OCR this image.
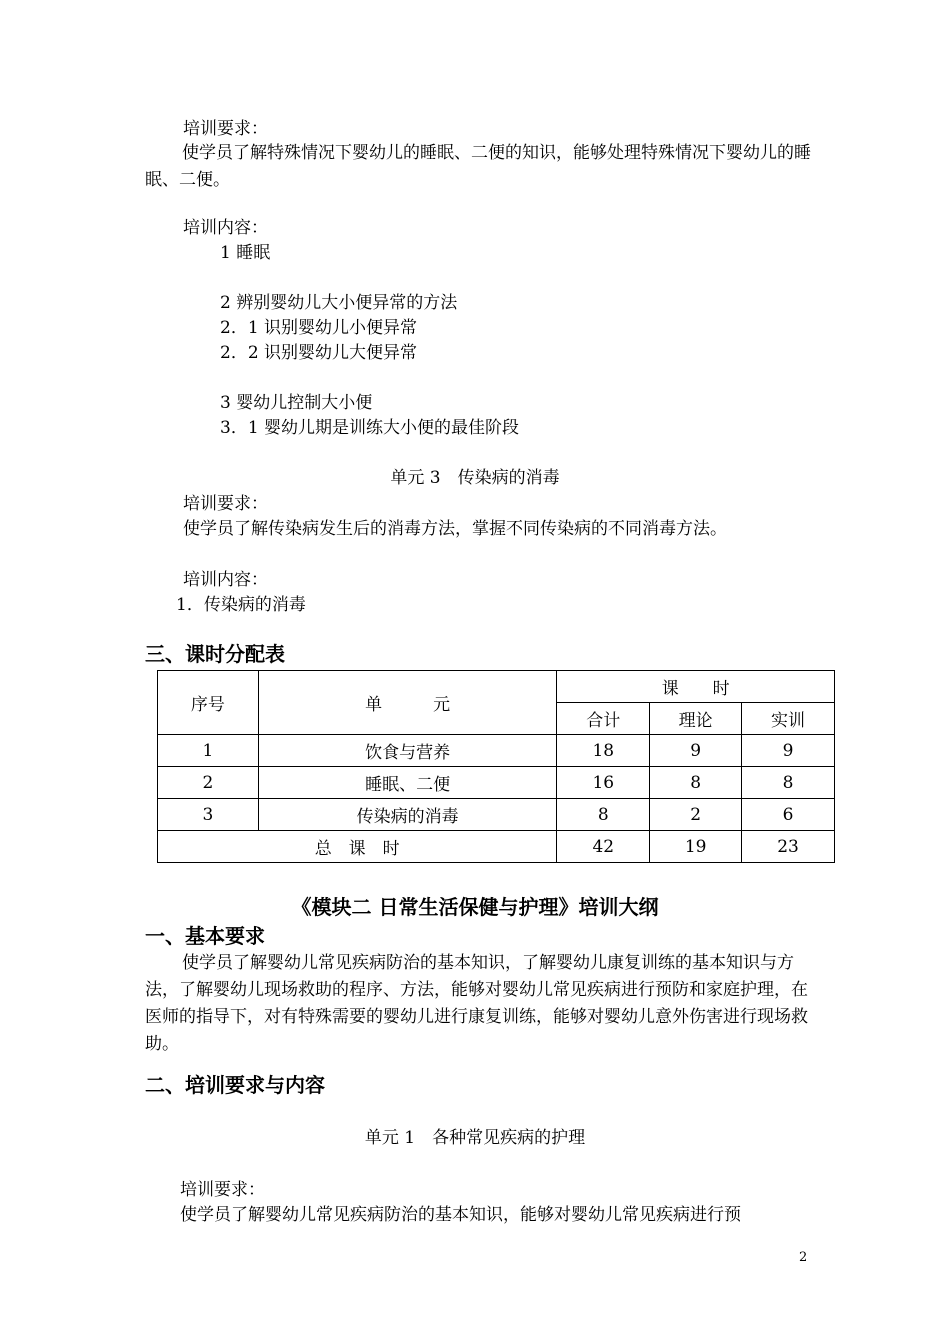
培训要求：
使学员了解特殊情况下婴幼儿的睡眠、二便的知识，能够处理特殊情况下婴幼儿的睡眠、二便。
培训内容：
1 睡眠
2 辨别婴幼儿大小便异常的方法
2．1 识别婴幼儿小便异常
2．2 识别婴幼儿大便异常
3 婴幼儿控制大小便
3．1 婴幼儿期是训练大小便的最佳阶段
单元 3　传染病的消毒
培训要求：
使学员了解传染病发生后的消毒方法，掌握不同传染病的不同消毒方法。
培训内容：
1．传染病的消毒
三、课时分配表
序号	单　　　元	课　　时		
		合计	理论	实训
1	饮食与营养	18	9	9
2	睡眠、二便	16	8	8
3	传染病的消毒	8	2	6
总　课　时		42	19	23
《模块二 日常生活保健与护理》培训大纲
一、基本要求
使学员了解婴幼儿常见疾病防治的基本知识，了解婴幼儿康复训练的基本知识与方法，了解婴幼儿现场救助的程序、方法，能够对婴幼儿常见疾病进行预防和家庭护理，在医师的指导下，对有特殊需要的婴幼儿进行康复训练，能够对婴幼儿意外伤害进行现场救助。
二、培训要求与内容
单元 1　各种常见疾病的护理
培训要求：
使学员了解婴幼儿常见疾病防治的基本知识，能够对婴幼儿常见疾病进行预
2
